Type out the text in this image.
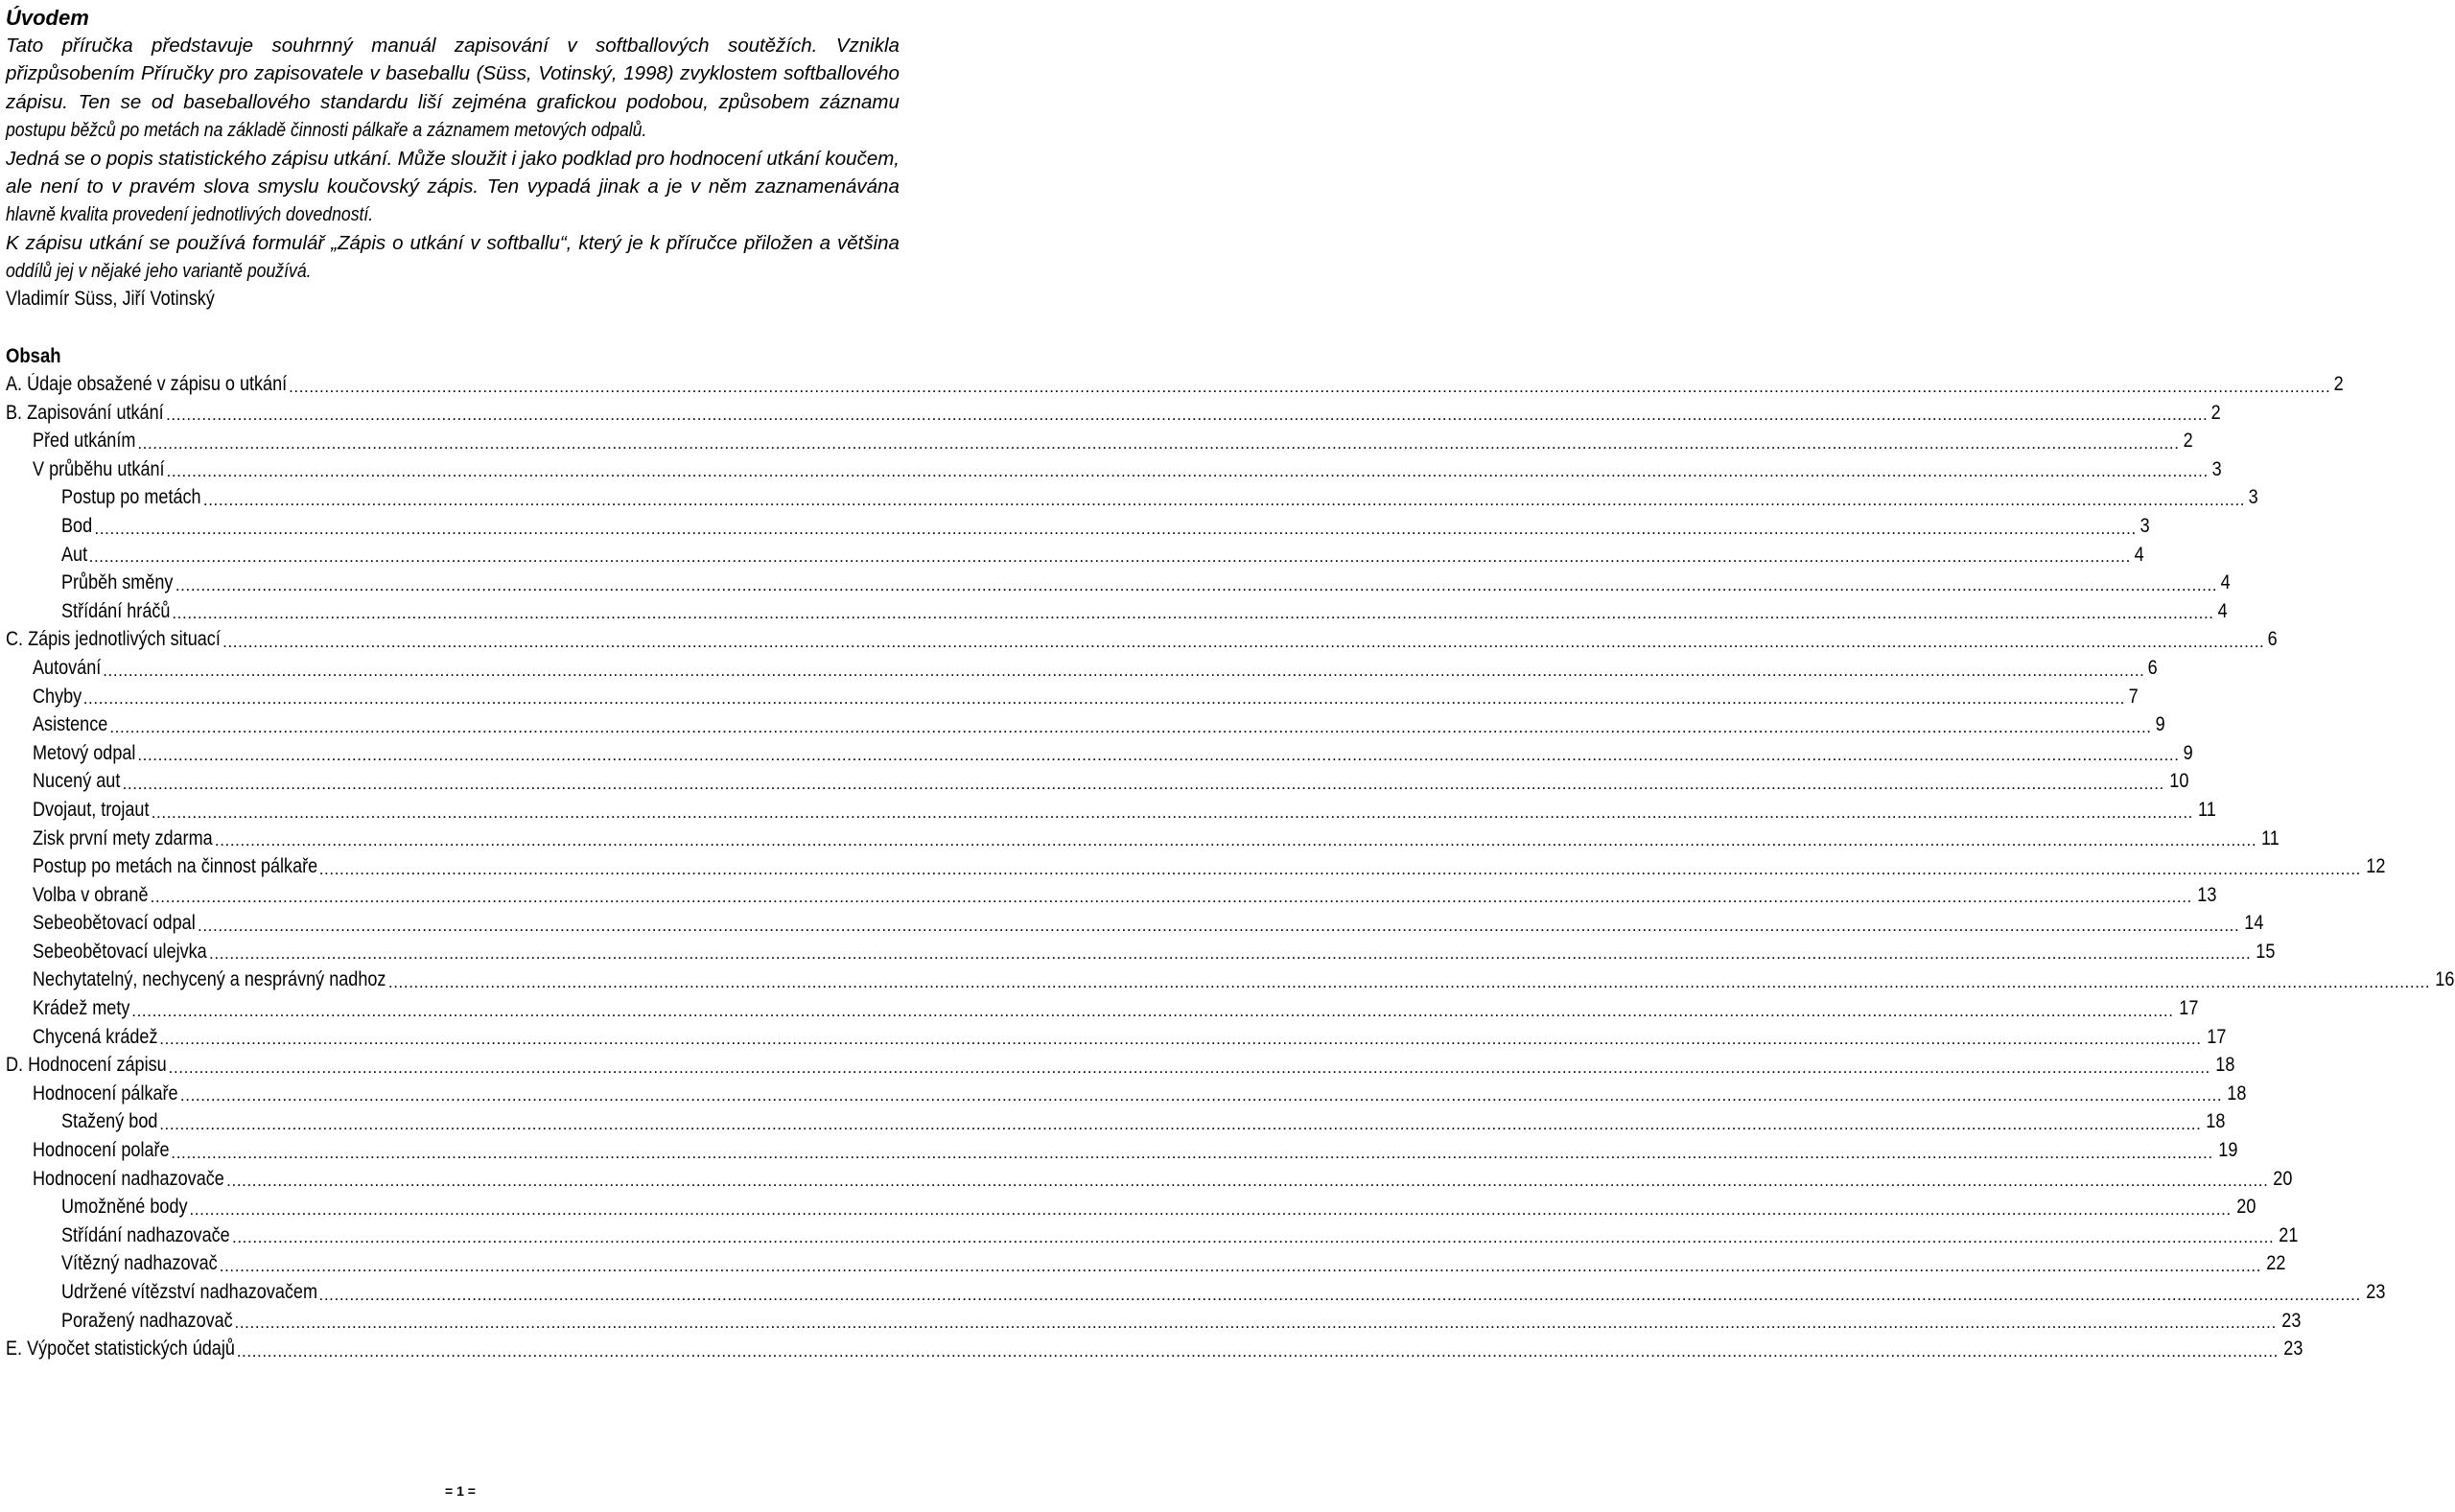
Úvodem
Tato příručka představuje souhrnný manuál zapisování v softballových soutěžích. Vznikla
přizpůsobením Příručky pro zapisovatele v baseballu (Süss, Votinský, 1998) zvyklostem softballového
zápisu. Ten se od baseballového standardu liší zejména grafickou podobou, způsobem záznamu
postupu běžců po metách na základě činnosti pálkaře a záznamem metových odpalů.
Jedná se o popis statistického zápisu utkání. Může sloužit i jako podklad pro hodnocení utkání koučem,
ale není to v pravém slova smyslu koučovský zápis. Ten vypadá jinak a je v něm zaznamenávána
hlavně kvalita provedení jednotlivých dovedností.
K zápisu utkání se používá formulář „Zápis o utkání v softballu“, který je k příručce přiložen a většina
oddílů jej v nějaké jeho variantě používá.
Vladimír Süss, Jiří Votinský
Obsah
A. Údaje obsažené v zápisu o utkání ................................................................................................................................................................................................................................................................................................................................................................................................................ 2
B. Zapisování utkání ................................................................................................................................................................................................................................................................................................................................................................................................................ 2
Před utkáním ................................................................................................................................................................................................................................................................................................................................................................................................................ 2
V průběhu utkání ................................................................................................................................................................................................................................................................................................................................................................................................................ 3
Postup po metách ................................................................................................................................................................................................................................................................................................................................................................................................................ 3
Bod ................................................................................................................................................................................................................................................................................................................................................................................................................ 3
Aut ................................................................................................................................................................................................................................................................................................................................................................................................................ 4
Průběh směny ................................................................................................................................................................................................................................................................................................................................................................................................................ 4
Střídání hráčů ................................................................................................................................................................................................................................................................................................................................................................................................................ 4
C. Zápis jednotlivých situací ................................................................................................................................................................................................................................................................................................................................................................................................................ 6
Autování ................................................................................................................................................................................................................................................................................................................................................................................................................ 6
Chyby ................................................................................................................................................................................................................................................................................................................................................................................................................ 7
Asistence ................................................................................................................................................................................................................................................................................................................................................................................................................ 9
Metový odpal ................................................................................................................................................................................................................................................................................................................................................................................................................ 9
Nucený aut ................................................................................................................................................................................................................................................................................................................................................................................................................ 10
Dvojaut, trojaut ................................................................................................................................................................................................................................................................................................................................................................................................................ 11
Zisk první mety zdarma ................................................................................................................................................................................................................................................................................................................................................................................................................ 11
Postup po metách na činnost pálkaře ................................................................................................................................................................................................................................................................................................................................................................................................................ 12
Volba v obraně ................................................................................................................................................................................................................................................................................................................................................................................................................ 13
Sebeobětovací odpal ................................................................................................................................................................................................................................................................................................................................................................................................................ 14
Sebeobětovací ulejvka ................................................................................................................................................................................................................................................................................................................................................................................................................ 15
Nechytatelný, nechycený a nesprávný nadhoz ................................................................................................................................................................................................................................................................................................................................................................................................................ 16
Krádež mety ................................................................................................................................................................................................................................................................................................................................................................................................................ 17
Chycená krádež ................................................................................................................................................................................................................................................................................................................................................................................................................ 17
D. Hodnocení zápisu ................................................................................................................................................................................................................................................................................................................................................................................................................ 18
Hodnocení pálkaře ................................................................................................................................................................................................................................................................................................................................................................................................................ 18
Stažený bod ................................................................................................................................................................................................................................................................................................................................................................................................................ 18
Hodnocení polaře ................................................................................................................................................................................................................................................................................................................................................................................................................ 19
Hodnocení nadhazovače ................................................................................................................................................................................................................................................................................................................................................................................................................ 20
Umožněné body ................................................................................................................................................................................................................................................................................................................................................................................................................ 20
Střídání nadhazovače ................................................................................................................................................................................................................................................................................................................................................................................................................ 21
Vítězný nadhazovač ................................................................................................................................................................................................................................................................................................................................................................................................................ 22
Udržené vítězství nadhazovačem ................................................................................................................................................................................................................................................................................................................................................................................................................ 23
Poražený nadhazovač ................................................................................................................................................................................................................................................................................................................................................................................................................ 23
E. Výpočet statistických údajů ................................................................................................................................................................................................................................................................................................................................................................................................................ 23
= 1 =
